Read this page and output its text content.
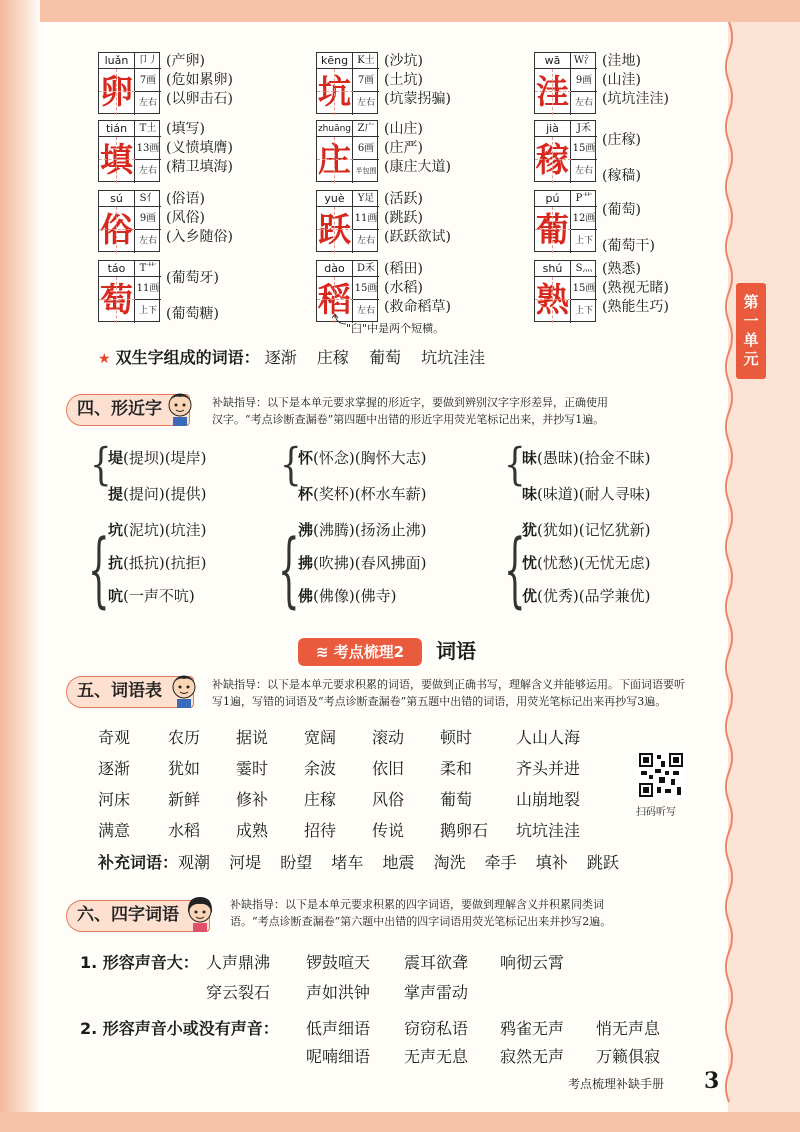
第
一
单
元
luǎn 卩丿
卵 7画
左右
(产卵)
(危如累卵)
(以卵击石)
kēng K土
坑 7画
左右
(沙坑)
(土坑)
(坑蒙拐骗)
wā	W氵
洼 9画
左右
(洼地)
(山洼)
(坑坑洼洼)
tián	T土
填 13画
左右
(填写)
(义愤填膺)
(精卫填海)
zhuāng Z广
庄 6画
半包围
(山庄)
(庄严)
(康庄大道)
jià	J禾
稼 15画
左右
(庄稼)
(稼穑)
sú	S亻
俗 9画
左右
(俗语)
(风俗)
(入乡随俗)
yuè	Y足
跃 11画
左右
(活跃)
(跳跃)
(跃跃欲试)
pú	P艹
葡 12画
上下
(葡萄)
(葡萄干)
táo	T艹
萄 11画
上下
(葡萄牙)
(葡萄糖)
dào	D禾
稻 15画
左右
(稻田)
(水稻)
(救命稻草)
shú	S灬
熟 15画
上下
(熟悉)
(熟视无睹)
(熟能生巧)
"臼"中是两个短横。
★ 双生字组成的词语： 逐渐 庄稼 葡萄 坑坑洼洼
四、形近字	补缺指导：以下是本单元要求掌握的形近字，要做到辨别汉字字形差异，正确使用
汉字。“考点诊断查漏卷”第四题中出错的形近字用荧光笔标记出来，并抄写1遍。
{
堤(提坝)(堤岸)
提(提问)(提供)
{
怀(怀念)(胸怀大志)
杯(奖杯)(杯水车薪)
{
昧(愚昧)(拾金不昧)
味(味道)(耐人寻味)
{
坑(泥坑)(坑洼)
抗(抵抗)(抗拒)
吭(一声不吭) {
沸(沸腾)(扬汤止沸)
拂(吹拂)(春风拂面)
佛(佛像)(佛寺)	{
犹(犹如)(记忆犹新)
忧(忧愁)(无忧无虑)
优(优秀)(品学兼优)
≋ 考点梳理2	词语
五、词语表	补缺指导：以下是本单元要求积累的词语，要做到正确书写，理解含义并能够运用。下面词语要听
写1遍，写错的词语及“考点诊断查漏卷”第五题中出错的词语，用荧光笔标记出来再抄写3遍。
奇观 农历 据说 宽阔 滚动 顿时	人山人海
逐渐 犹如 霎时 余波 依旧 柔和	齐头并进
河床 新鲜 修补 庄稼 风俗 葡萄	山崩地裂
满意 水稻 成熟 招待 传说 鹅卵石 坑坑洼洼
扫码听写
补充词语：观潮 河堤 盼望 堵车 地震 淘洗 牵手 填补 跳跃
六、四字词语
补缺指导：以下是本单元要求积累的四字词语，要做到理解含义并积累同类词
语。“考点诊断查漏卷”第六题中出错的四字词语用荧光笔标记出来并抄写2遍。
1. 形容声音大： 人声鼎沸 锣鼓喧天 震耳欲聋 响彻云霄
穿云裂石 声如洪钟 掌声雷动
2. 形容声音小或没有声音： 低声细语 窃窃私语 鸦雀无声 悄无声息
呢喃细语 无声无息 寂然无声 万籁俱寂
考点梳理补缺手册 3
